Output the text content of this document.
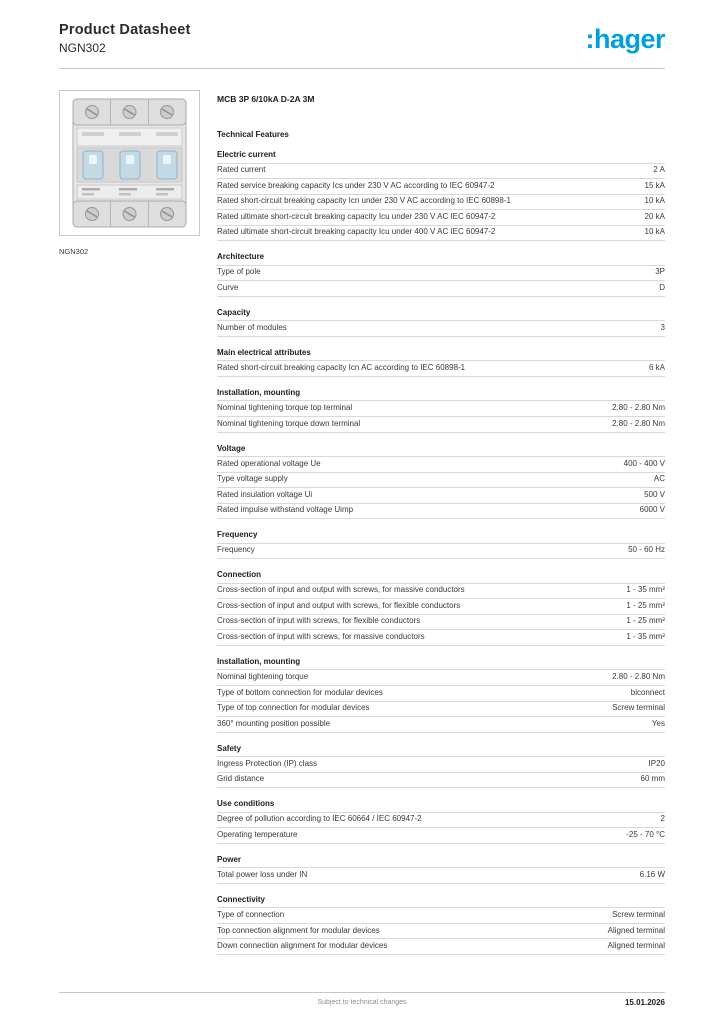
Product Datasheet
NGN302	:hager
NGN302
MCB 3P 6/10kA D-2A 3M
Technical Features
Electric current
Rated current	2 A
Rated service breaking capacity Ics under 230 V AC according to IEC 60947-2	15 kA
Rated short-circuit breaking capacity Icn under 230 V AC according to IEC 60898-1	10 kA
Rated ultimate short-circuit breaking capacity Icu under 230 V AC IEC 60947-2	20 kA
Rated ultimate short-circuit breaking capacity Icu under 400 V AC IEC 60947-2	10 kA
Architecture
Type of pole	3P
Curve	D
Capacity
Number of modules	3
Main electrical attributes
Rated short-circuit breaking capacity Icn AC according to IEC 60898-1	6 kA
Installation, mounting
Nominal tightening torque top terminal	2.80 - 2.80 Nm
Nominal tightening torque down terminal	2.80 - 2.80 Nm
Voltage
Rated operational voltage Ue	400 - 400 V
Type voltage supply	AC
Rated insulation voltage Ui	500 V
Rated impulse withstand voltage Uimp	6000 V
Frequency
Frequency	50 - 60 Hz
Connection
Cross-section of input and output with screws, for massive conductors	1 - 35 mm²
Cross-section of input and output with screws, for flexible conductors	1 - 25 mm²
Cross-section of input with screws, for flexible conductors	1 - 25 mm²
Cross-section of input with screws, for massive conductors	1 - 35 mm²
Installation, mounting
Nominal tightening torque	2.80 - 2.80 Nm
Type of bottom connection for modular devices	biconnect
Type of top connection for modular devices	Screw terminal
360° mounting position possible	Yes
Safety
Ingress Protection (IP) class	IP20
Grid distance	60 mm
Use conditions
Degree of pollution according to IEC 60664 / IEC 60947-2	2
Operating temperature	-25 - 70 °C
Power
Total power loss under IN	6.16 W
Connectivity
Type of connection	Screw terminal
Top connection alignment for modular devices	Aligned terminal
Down connection alignment for modular devices	Aligned terminal
Subject to technical changes	15.01.2026
